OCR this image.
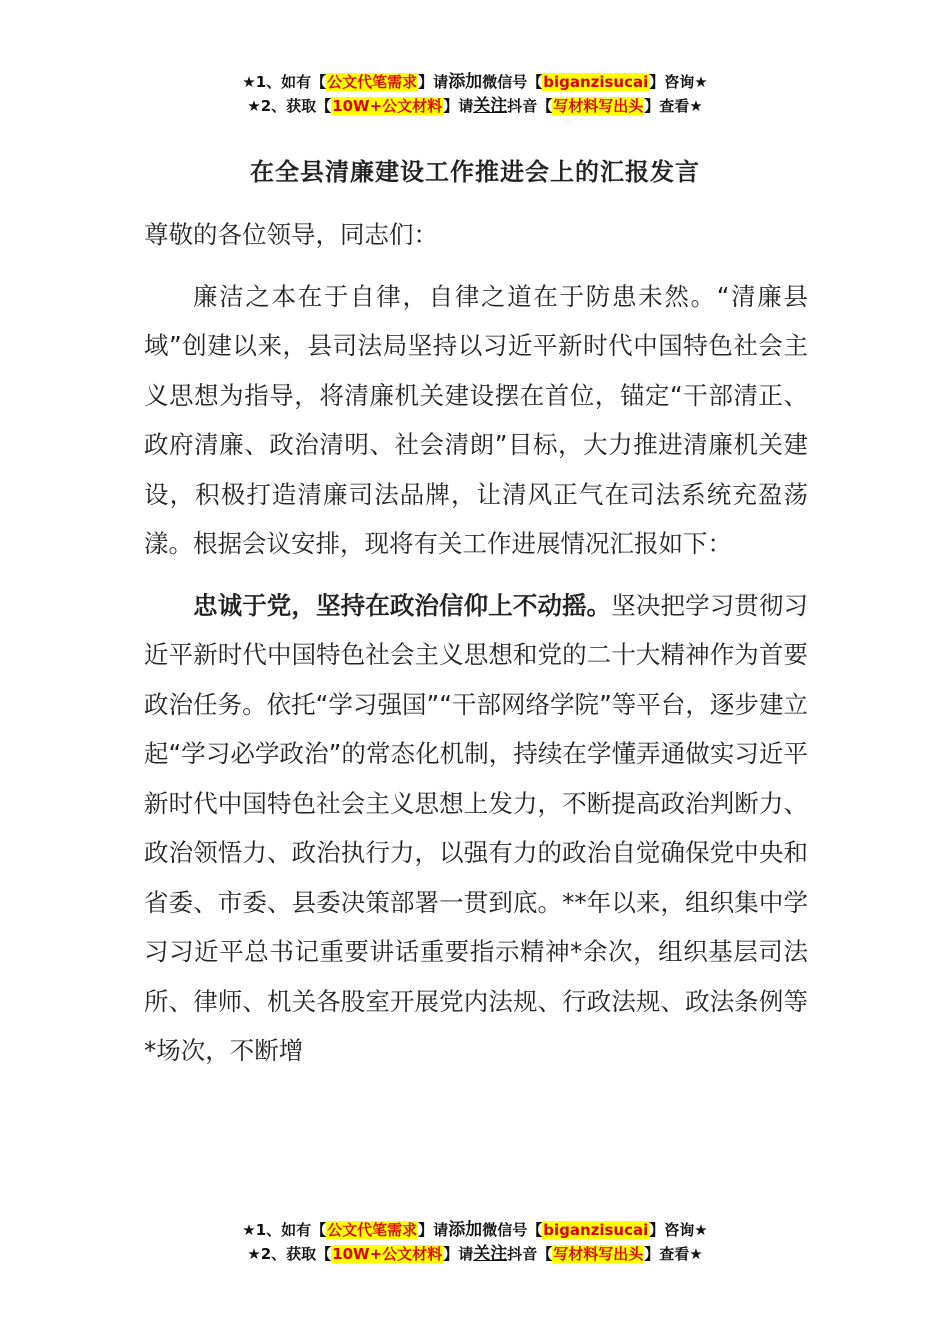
★1、如有【公文代笔需求】请添加微信号【biganzisucai】咨询★
★2、获取【10W+公文材料】请关注抖音【写材料写出头】查看★
在全县清廉建设工作推进会上的汇报发言

尊敬的各位领导，同志们：

廉洁之本在于自律，自律之道在于防患未然。“清廉县域”创建以来，县司法局坚持以习近平新时代中国特色社会主义思想为指导，将清廉机关建设摆在首位，锚定“干部清正、政府清廉、政治清明、社会清朗”目标，大力推进清廉机关建设，积极打造清廉司法品牌，让清风正气在司法系统充盈荡漾。根据会议安排，现将有关工作进展情况汇报如下：

忠诚于党，坚持在政治信仰上不动摇。坚决把学习贯彻习近平新时代中国特色社会主义思想和党的二十大精神作为首要政治任务。依托“学习强国”“干部网络学院”等平台，逐步建立起“学习必学政治”的常态化机制，持续在学懂弄通做实习近平新时代中国特色社会主义思想上发力，不断提高政治判断力、政治领悟力、政治执行力，以强有力的政治自觉确保党中央和省委、市委、县委决策部署一贯到底。**年以来，组织集中学习习近平总书记重要讲话重要指示精神*余次，组织基层司法所、律师、机关各股室开展党内法规、行政法规、政法条例等*场次，不断增

★1、如有【公文代笔需求】请添加微信号【biganzisucai】咨询★
★2、获取【10W+公文材料】请关注抖音【写材料写出头】查看★
